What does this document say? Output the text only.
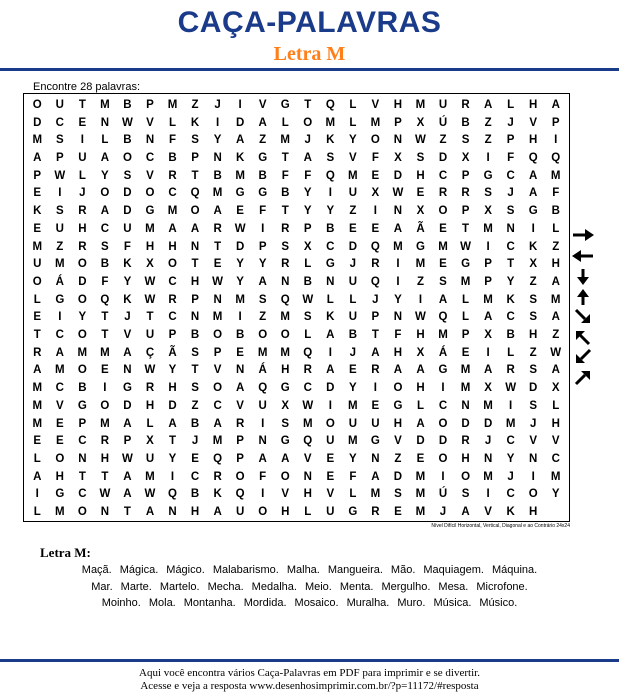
CAÇA-PALAVRAS
Letra M
Encontre 28 palavras:
O	U	T	M	B	P	M	Z	J	I	V	G	T	Q	L	V	H	M	U	R	A	L	H	A
D	C	E	N	W	V	L	K	I	D	A	L	O	M	L	M	P	X	Ú	B	Z	J	V	P
M	S	I	L	B	N	F	S	Y	A	Z	M	J	K	Y	O	N	W	Z	S	Z	P	H	I
A	P	U	A	O	C	B	P	N	K	G	T	A	S	V	F	X	S	D	X	I	F	Q	Q
P	W	L	Y	S	V	R	T	B	M	B	F	F	Q	M	E	D	H	C	P	G	C	A	M
E	I	J	O	D	O	C	Q	M	G	G	B	Y	I	U	X	W	E	R	R	S	J	A	F
K	S	R	A	D	G	M	O	A	E	F	T	Y	Y	Z	I	N	X	O	P	X	S	G	B
E	U	H	C	U	M	A	A	R	W	I	R	P	B	E	E	A	Ã	E	T	M	N	I	L
M	Z	R	S	F	H	H	N	T	D	P	S	X	C	D	Q	M	G	M	W	I	C	K	Z
U	M	O	B	K	X	O	T	E	Y	Y	R	L	G	J	R	I	M	E	G	P	T	X	H
O	Á	D	F	Y	W	C	H	W	Y	A	N	B	N	U	Q	I	Z	S	M	P	Y	Z	A
L	G	O	Q	K	W	R	P	N	M	S	Q	W	L	L	J	Y	I	A	L	M	K	S	M
E	I	Y	T	J	T	C	N	M	I	Z	M	S	K	U	P	N	W	Q	L	A	C	S	A
T	C	O	T	V	U	P	B	O	B	O	O	L	A	B	T	F	H	M	P	X	B	H	Z
R	A	M	M	A	Ç	Ã	S	P	E	M	M	Q	I	J	A	H	X	Á	E	I	L	Z	W
A	M	O	E	N	W	Y	T	V	N	Á	H	R	A	E	R	A	A	G	M	A	R	S	A
M	C	B	I	G	R	H	S	O	A	Q	G	C	D	Y	I	O	H	I	M	X	W	D	X
M	V	G	O	D	H	D	Z	C	V	U	X	W	I	M	E	G	L	C	N	M	I	S	L
M	E	P	M	A	L	A	B	A	R	I	S	M	O	U	U	H	A	O	D	D	M	J	H
E	E	C	R	P	X	T	J	M	P	N	G	Q	U	M	G	V	D	D	R	J	C	V	V
L	O	N	H	W	U	Y	E	Q	P	A	A	V	E	Y	N	Z	E	O	H	N	Y	N	C
A	H	T	T	A	M	I	C	R	O	F	O	N	E	F	A	D	M	I	O	M	J	I	M
I	G	C	W	A	W	Q	B	K	Q	I	V	H	V	L	M	S	M	Ú	S	I	C	O	Y
L	M	O	N	T	A	N	H	A	U	O	H	L	U	G	R	E	M	J	A	V	K	H
Nível Difícil Horizontal, Vertical, Diagonal e ao Contrário 24x24
Letra M:
Maçã. Mágica. Mágico. Malabarismo. Malha. Mangueira. Mão. Maquiagem. Máquina.
Mar. Marte. Martelo. Mecha. Medalha. Meio. Menta. Mergulho. Mesa. Microfone.
Moinho. Mola. Montanha. Mordida. Mosaico. Muralha. Muro. Música. Músico.
Aqui você encontra vários Caça-Palavras em PDF para imprimir e se divertir.
Acesse e veja a resposta www.desenhosimprimir.com.br/?p=11172/#resposta
